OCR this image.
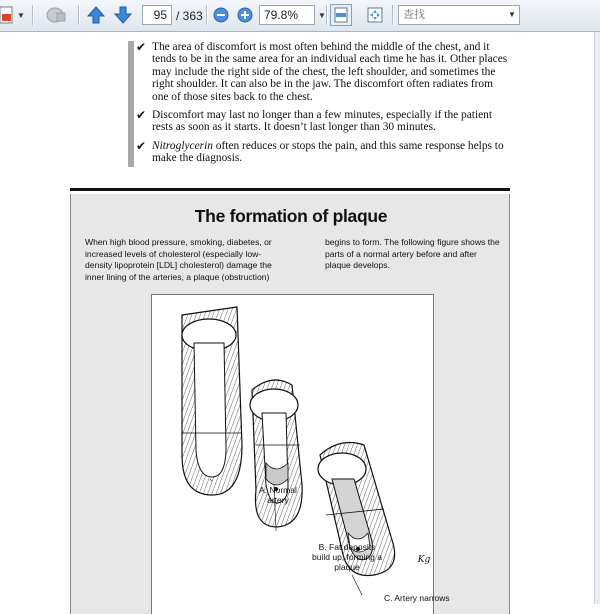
▼	95 / 363	79.8%	▼
查找	▼
✔ The area of discomfort is most often behind the middle of the chest, and it tends to be in the same area for an individual each time he has it. Other places may include the right side of the chest, the left shoulder, and sometimes the right shoulder. It can also be in the jaw. The discomfort often radiates from one of those sites back to the chest.
✔ Discomfort may last no longer than a few minutes, especially if the patient rests as soon as it starts. It doesn’t last longer than 30 minutes.
✔ Nitroglycerin often reduces or stops the pain, and this same response helps to make the diagnosis.
The formation of plaque
When high blood pressure, smoking, diabetes, or increased levels of cholesterol (especially low-density lipoprotein [LDL] cholesterol) damage the inner lining of the arteries, a plaque (obstruction)
begins to form. The following figure shows the parts of a normal artery before and after plaque develops.
A. Normal artery
B. Fat deposits build up, forming a plaque
C. Artery narrows
Kg
